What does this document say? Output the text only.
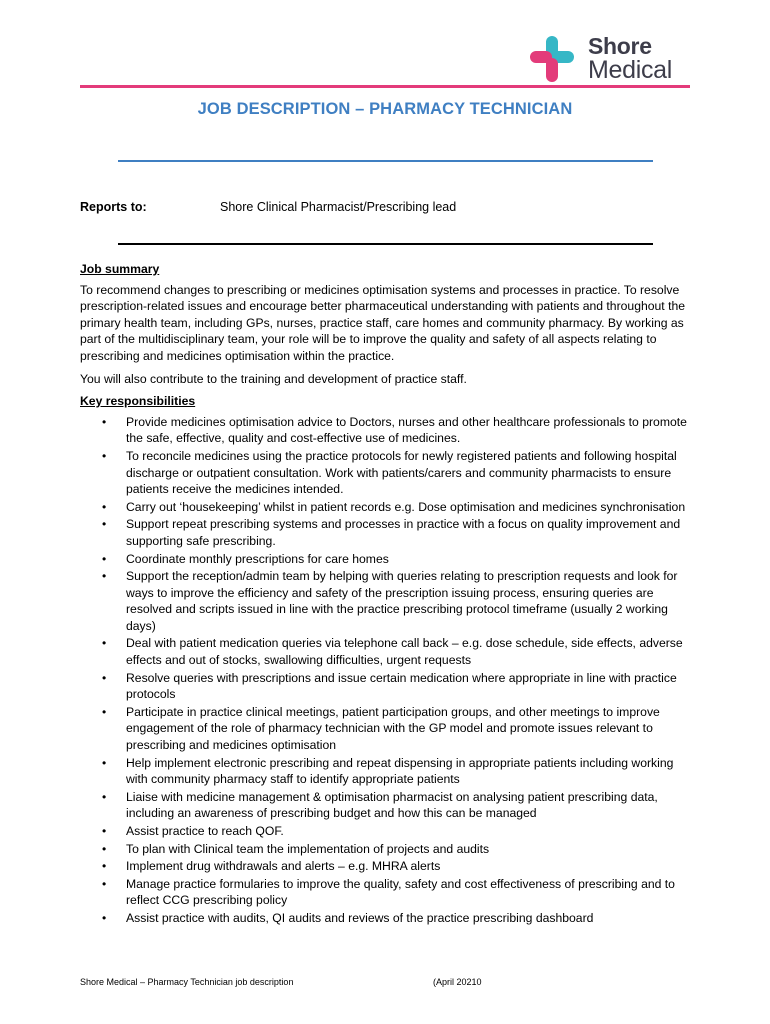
Shore
Medical
JOB DESCRIPTION – PHARMACY TECHNICIAN
Reports to:	Shore Clinical Pharmacist/Prescribing lead
Job summary

To recommend changes to prescribing or medicines optimisation systems and processes in practice. To resolve prescription-related issues and encourage better pharmaceutical understanding with patients and throughout the primary health team, including GPs, nurses, practice staff, care homes and community pharmacy. By working as part of the multidisciplinary team, your role will be to improve the quality and safety of all aspects relating to prescribing and medicines optimisation within the practice.

You will also contribute to the training and development of practice staff.

Key responsibilities
• Provide medicines optimisation advice to Doctors, nurses and other healthcare professionals to promote the safe, effective, quality and cost-effective use of medicines.
• To reconcile medicines using the practice protocols for newly registered patients and following hospital discharge or outpatient consultation. Work with patients/carers and community pharmacists to ensure patients receive the medicines intended.
• Carry out ‘housekeeping’ whilst in patient records e.g. Dose optimisation and medicines synchronisation
• Support repeat prescribing systems and processes in practice with a focus on quality improvement and supporting safe prescribing.
• Coordinate monthly prescriptions for care homes
• Support the reception/admin team by helping with queries relating to prescription requests and look for ways to improve the efficiency and safety of the prescription issuing process, ensuring queries are resolved and scripts issued in line with the practice prescribing protocol timeframe (usually 2 working days)
• Deal with patient medication queries via telephone call back – e.g. dose schedule, side effects, adverse effects and out of stocks, swallowing difficulties, urgent requests
• Resolve queries with prescriptions and issue certain medication where appropriate in line with practice protocols
• Participate in practice clinical meetings, patient participation groups, and other meetings to improve engagement of the role of pharmacy technician with the GP model and promote issues relevant to prescribing and medicines optimisation
• Help implement electronic prescribing and repeat dispensing in appropriate patients including working with community pharmacy staff to identify appropriate patients
• Liaise with medicine management & optimisation pharmacist on analysing patient prescribing data, including an awareness of prescribing budget and how this can be managed
• Assist practice to reach QOF.
• To plan with Clinical team the implementation of projects and audits
• Implement drug withdrawals and alerts – e.g. MHRA alerts
• Manage practice formularies to improve the quality, safety and cost effectiveness of prescribing and to reflect CCG prescribing policy
• Assist practice with audits, QI audits and reviews of the practice prescribing dashboard
Shore Medical – Pharmacy Technician job description	(April 20210
